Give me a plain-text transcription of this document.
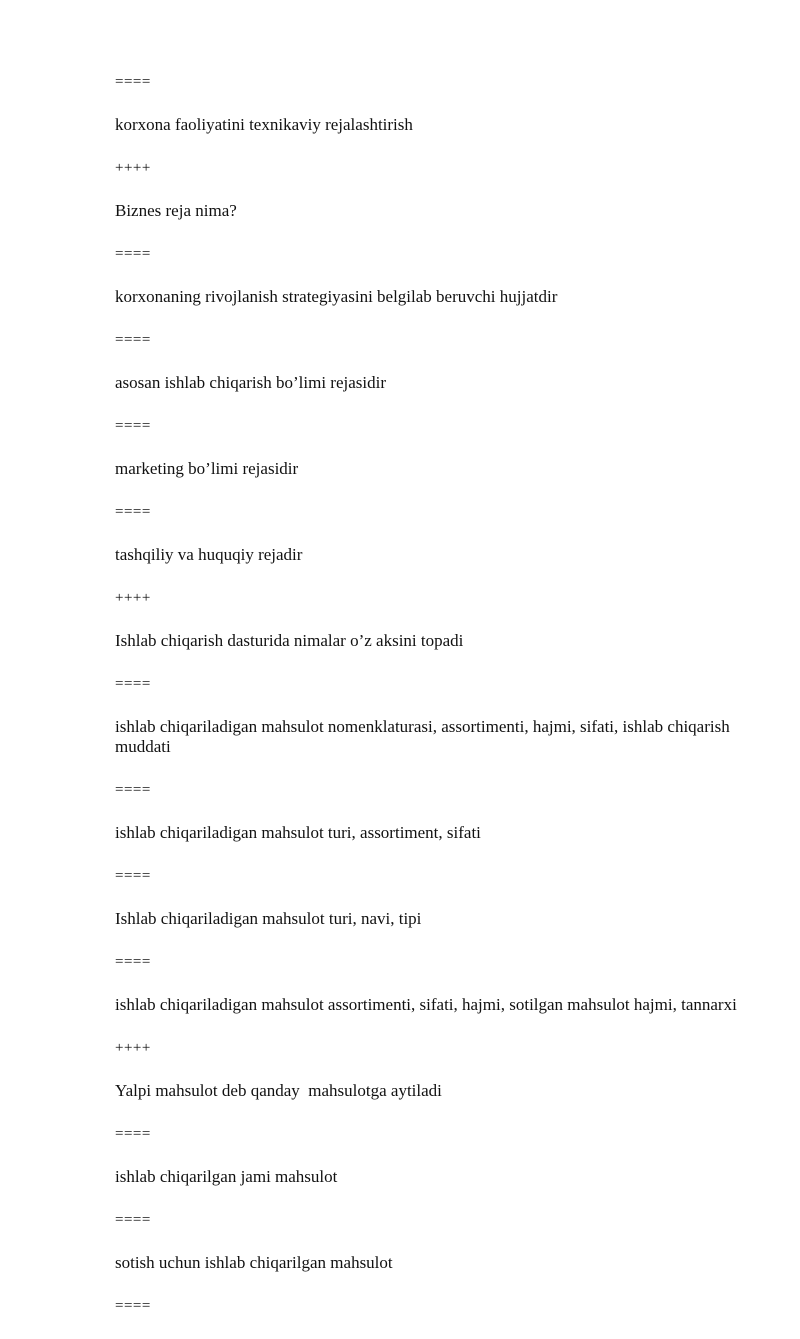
====

korxona faoliyatini texnikaviy rejalashtirish

++++

Biznes reja nima?

====

korxonaning rivojlanish strategiyasini belgilab beruvchi hujjatdir

====

asosan ishlab chiqarish bo’limi rejasidir

====

marketing bo’limi rejasidir

====

tashqiliy va huquqiy rejadir

++++

Ishlab chiqarish dasturida nimalar o’z aksini topadi

====

ishlab chiqariladigan mahsulot nomenklaturasi, assortimenti, hajmi, sifati, ishlab chiqarish muddati

====

ishlab chiqariladigan mahsulot turi, assortiment, sifati

====

Ishlab chiqariladigan mahsulot turi, navi, tipi

====

ishlab chiqariladigan mahsulot assortimenti, sifati, hajmi, sotilgan mahsulot hajmi, tannarxi

++++

Yalpi mahsulot deb qanday  mahsulotga aytiladi

====

ishlab chiqarilgan jami mahsulot

====

sotish uchun ishlab chiqarilgan mahsulot

====
